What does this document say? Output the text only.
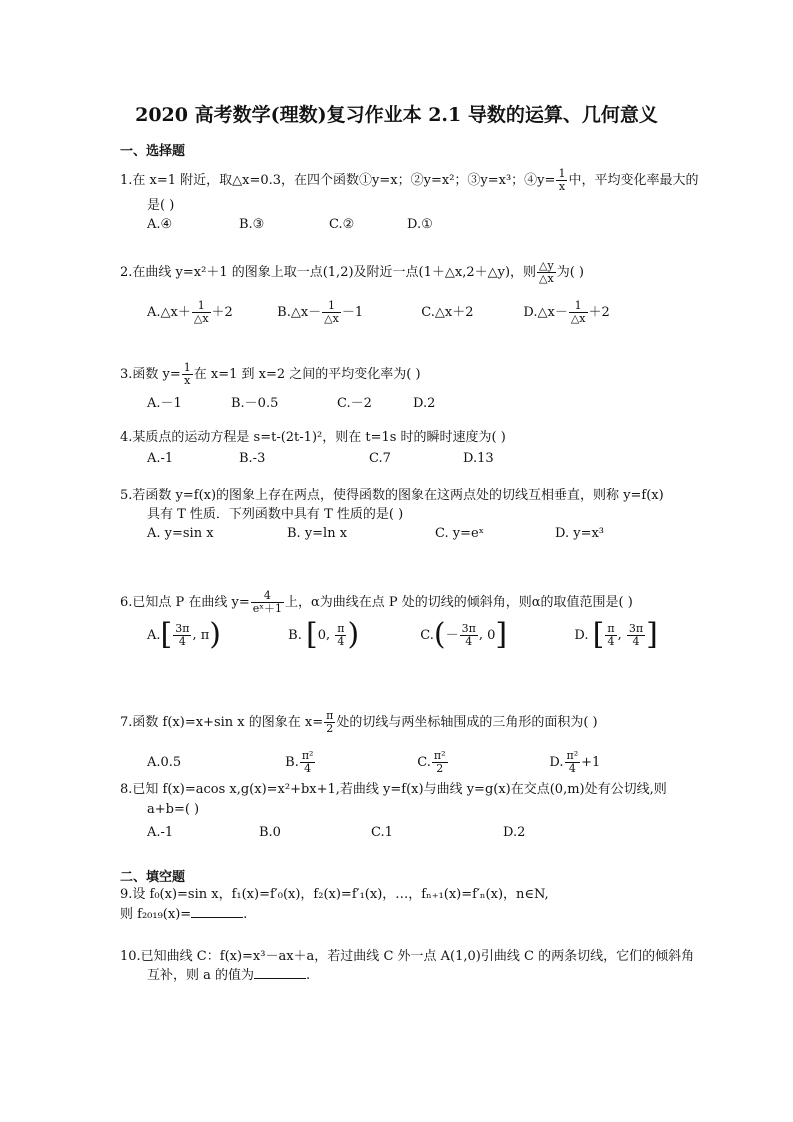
2020 高考数学(理数)复习作业本 2.1 导数的运算、几何意义
一、选择题
1.在 x=1 附近，取△x=0.3，在四个函数①y=x；②y=x²；③y=x³；④y= $\frac{1}{x}$ 中，平均变化率最大的
是( )
A.④	B.③	C.②	D.①
2.在曲线 y=x²＋1 的图象上取一点(1,2)及附近一点(1＋△x,2＋△y)，则 $\frac{\triangle y}{\triangle x}$ 为( )
A.△x＋ $\frac{1}{\triangle x} +2$	B.△x－ $\frac{1}{\triangle x} -1$	C.△x＋2	D.△x－ $\frac{1}{\triangle x} +2$
3.函数 $y= \frac{1}{x}$ 在 x=1 到 x=2 之间的平均变化率为( )
A.－1	B.－0.5	C.－2	D.2
4.某质点的运动方程是 s=t-(2t-1)²，则在 t=1s 时的瞬时速度为( )
A.-1	B.-3	C.7	D.13
5.若函数 y=f(x)的图象上存在两点，使得函数的图象在这两点处的切线互相垂直，则称 y=f(x)
具有 T 性质．下列函数中具有 T 性质的是( )
A. y=sin x	B. y=ln x	C. y=eˣ	D. y=x³
6.已知点 P 在曲线 $y= \frac{4}{\text{eˣ＋1}}$ 上，α为曲线在点 P 处的切线的倾斜角，则α的取值范围是( )
$A.[ \frac{3\pi}{4}$ , π)	B. [0, $\frac{\pi}{4}$ )	$C.(- \frac{3\pi}{4}$ , 0]	D. [ $\frac{\pi}{4}$ , $\frac{3\pi}{4}$ ]
7.函数 f(x)=x+sin x 的图象在 $x= \frac{\pi}{2}$ 处的切线与两坐标轴围成的三角形的面积为( )
A.0.5	B. $\frac{\text{π²}}{4}$	C. $\frac{\text{π²}}{2}$	D. $\frac{\text{π²}}{4} +1$
8.已知 f(x)=acos x,g(x)=x²+bx+1,若曲线 y=f(x)与曲线 y=g(x)在交点(0,m)处有公切线,则
a+b=( )
A.-1	B.0	C.1	D.2
二、填空题
9.设 f₀(x)=sin x，f₁(x)=f′₀(x)，f₂(x)=f′₁(x)，…，fₙ₊₁(x)=f′ₙ(x)，n∈N,
则 f₂₀₁₉(x)=	.
10.已知曲线 C：f(x)=x³－ax＋a，若过曲线 C 外一点 A(1,0)引曲线 C 的两条切线，它们的倾斜角
互补，则 a 的值为	.
